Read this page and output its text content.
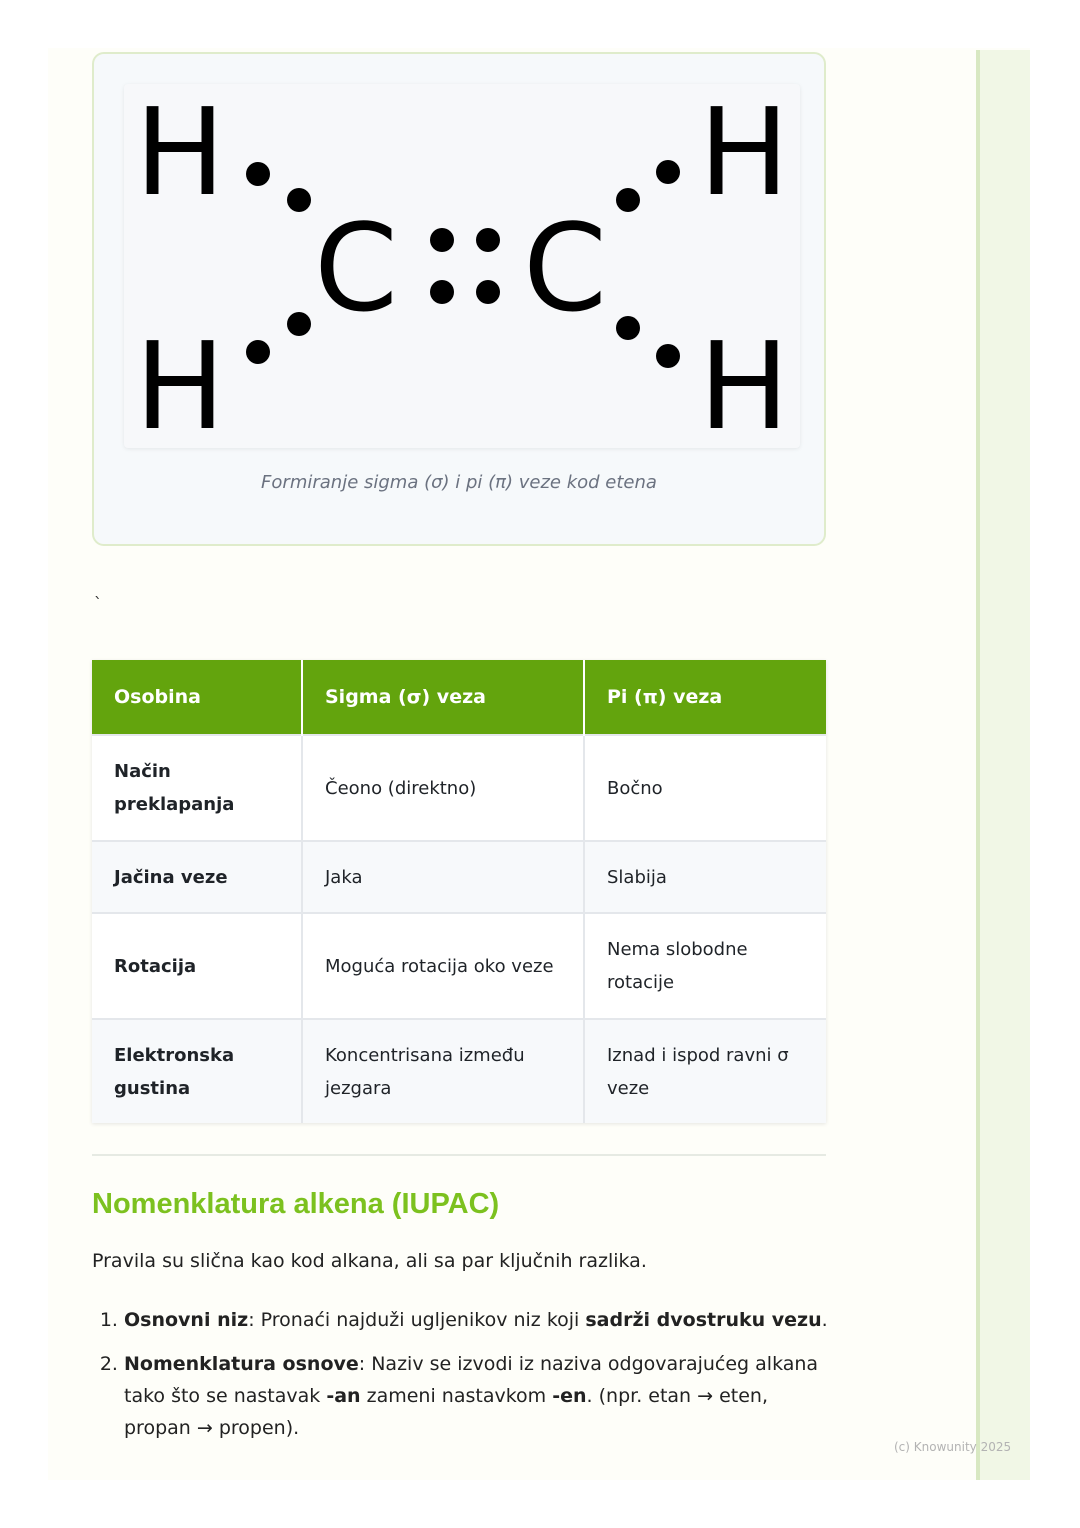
H
H
H
H
C C
Formiranje sigma (σ) i pi (π) veze kod etena
`
Osobina	Sigma (σ) veza	Pi (π) veza
Način preklapanja	Čeono (direktno)	Bočno
Jačina veze	Jaka	Slabija
Rotacija	Moguća rotacija oko veze	Nema slobodne rotacije
Elektronska gustina	Koncentrisana između jezgara	Iznad i ispod ravni σ veze
Nomenklatura alkena (IUPAC)

Pravila su slična kao kod alkana, ali sa par ključnih razlika.

1. Osnovni niz: Pronaći najduži ugljenikov niz koji sadrži dvostruku vezu.
2. Nomenklatura osnove: Naziv se izvodi iz naziva odgovarajućeg alkana tako što se nastavak -an zameni nastavkom -en. (npr. etan → eten, propan → propen).
(c) Knowunity 2025
